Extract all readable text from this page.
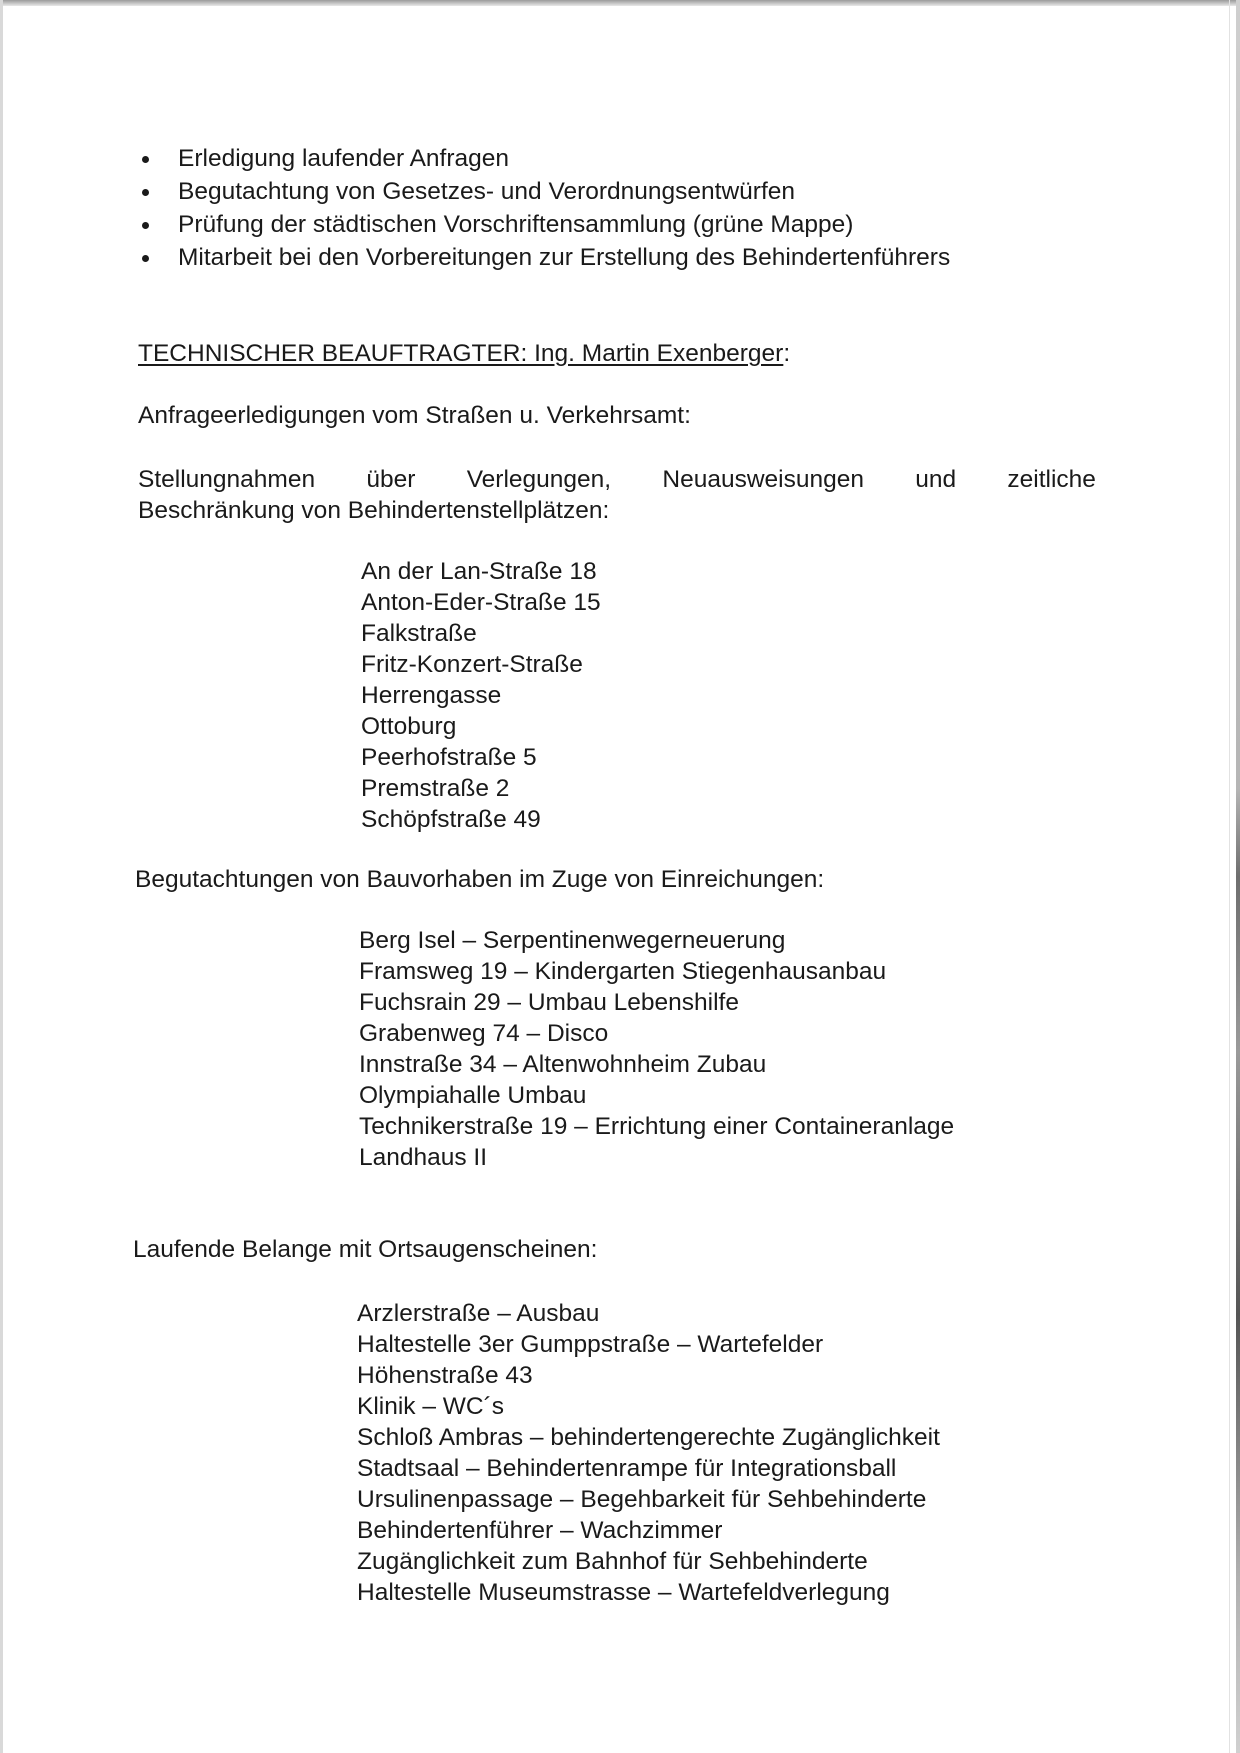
Erledigung laufender Anfragen
Begutachtung von Gesetzes- und Verordnungsentwürfen
Prüfung der städtischen Vorschriftensammlung (grüne Mappe)
Mitarbeit bei den Vorbereitungen zur Erstellung des Behindertenführers
TECHNISCHER BEAUFTRAGTER: Ing. Martin Exenberger:
Anfrageerledigungen vom Straßen u. Verkehrsamt:
Stellungnahmen über Verlegungen, Neuausweisungen und zeitliche
Beschränkung von Behindertenstellplätzen:
An der Lan-Straße 18
Anton-Eder-Straße 15
Falkstraße
Fritz-Konzert-Straße
Herrengasse
Ottoburg
Peerhofstraße 5
Premstraße 2
Schöpfstraße 49
Begutachtungen von Bauvorhaben im Zuge von Einreichungen:
Berg Isel – Serpentinenwegerneuerung
Framsweg 19 – Kindergarten Stiegenhausanbau
Fuchsrain 29 – Umbau Lebenshilfe
Grabenweg 74 – Disco
Innstraße 34 – Altenwohnheim Zubau
Olympiahalle Umbau
Technikerstraße 19 – Errichtung einer Containeranlage
Landhaus II
Laufende Belange mit Ortsaugenscheinen:
Arzlerstraße – Ausbau
Haltestelle 3er Gumppstraße – Wartefelder
Höhenstraße 43
Klinik – WC´s
Schloß Ambras – behindertengerechte Zugänglichkeit
Stadtsaal – Behindertenrampe für Integrationsball
Ursulinenpassage – Begehbarkeit für Sehbehinderte
Behindertenführer – Wachzimmer
Zugänglichkeit zum Bahnhof für Sehbehinderte
Haltestelle Museumstrasse – Wartefeldverlegung
